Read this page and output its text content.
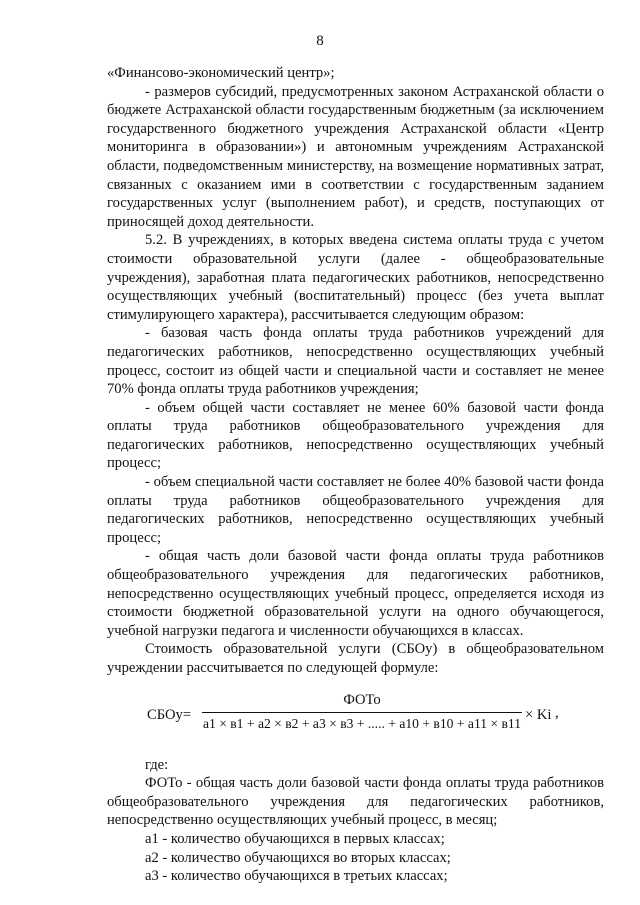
8

«Финансово-экономический центр»;

- размеров субсидий, предусмотренных законом Астраханской области о бюджете Астраханской области государственным бюджетным (за исключением государственного бюджетного учреждения Астраханской области «Центр мониторинга в образовании») и автономным учреждениям Астраханской области, подведомственным министерству, на возмещение нормативных затрат, связанных с оказанием ими в соответствии с государственным заданием государственных услуг (выполнением работ), и средств, поступающих от приносящей доход деятельности.

5.2. В учреждениях, в которых введена система оплаты труда с учетом стоимости образовательной услуги (далее - общеобразовательные учреждения), заработная плата педагогических работников, непосредственно осуществляющих учебный (воспитательный) процесс (без учета выплат стимулирующего характера), рассчитывается следующим образом:

- базовая часть фонда оплаты труда работников учреждений для педагогических работников, непосредственно осуществляющих учебный процесс, состоит из общей части и специальной части и составляет не менее 70% фонда оплаты труда работников учреждения;

- объем общей части составляет не менее 60% базовой части фонда оплаты труда работников общеобразовательного учреждения для педагогических работников, непосредственно осуществляющих учебный процесс;

- объем специальной части составляет не более 40% базовой части фонда оплаты труда работников общеобразовательного учреждения для педагогических работников, непосредственно осуществляющих учебный процесс;

- общая часть доли базовой части фонда оплаты труда работников общеобразовательного учреждения для педагогических работников, непосредственно осуществляющих учебный процесс, определяется исходя из стоимости бюджетной образовательной услуги на одного обучающегося, учебной нагрузки педагога и численности обучающихся в классах.

Стоимость образовательной услуги (СБОу) в общеобразовательном учреждении рассчитывается по следующей формуле:

СБОу=
ФОТо
а1 × в1 + а2 × в2 + а3 × в3 + ..... + а10 + в10 + а11 × в11
× Ki ,

где:

ФОТо - общая часть доли базовой части фонда оплаты труда работников общеобразовательного учреждения для педагогических работников, непосредственно осуществляющих учебный процесс, в месяц;

а1 - количество обучающихся в первых классах;

а2 - количество обучающихся во вторых классах;

а3 - количество обучающихся в третьих классах;
